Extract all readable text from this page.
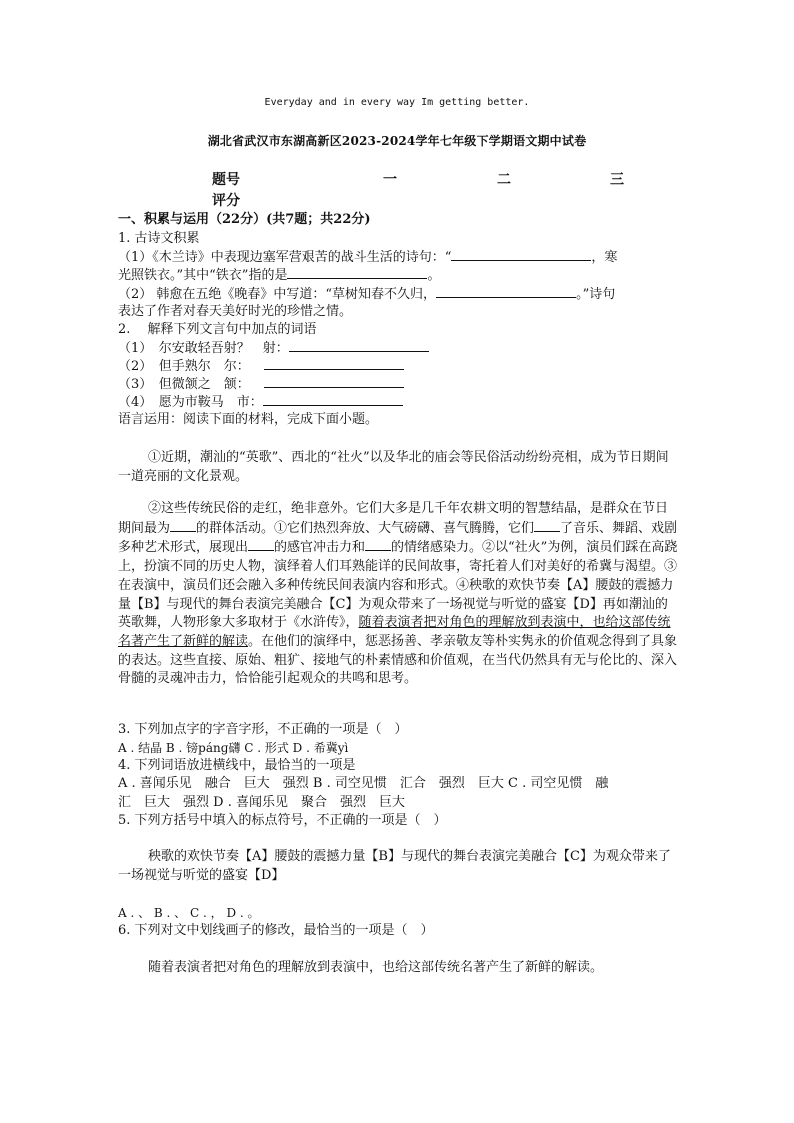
Everyday and in every way Im getting better.
湖北省武汉市东湖高新区2023-2024学年七年级下学期语文期中试卷
题号	一	二	三
评分
一、积累与运用（22分）(共7题；共22分)
1. 古诗文积累
（1）《木兰诗》中表现边塞军营艰苦的战斗生活的诗句：“	，寒
光照铁衣。”其中“铁衣”指的是	。
（2） 韩愈在五绝《晚春》中写道：“草树知春不久归，	。”诗句
表达了作者对春天美好时光的珍惜之情。
2.　 解释下列文言句中加点的词语
（1）　尔安敢轻吾射？　射：
（2）　但手熟尔　尔：
（3）　但微颔之　颔：
（4）　愿为市鞍马　市：
语言运用：阅读下面的材料，完成下面小题。
①近期，潮汕的“英歌”、西北的“社火”以及华北的庙会等民俗活动纷纷亮相，成为节日期间一道亮丽的文化景观。
②这些传统民俗的走红，绝非意外。它们大多是几千年农耕文明的智慧结晶，是群众在节日期间最为 的群体活动。①它们热烈奔放、大气磅礴、喜气腾腾，它们 了音乐、舞蹈、戏剧多种艺术形式，展现出 的感官冲击力和 的情绪感染力。②以“社火”为例，演员们踩在高跷上，扮演不同的历史人物，演绎着人们耳熟能详的民间故事，寄托着人们对美好的希冀与渴望。③在表演中，演员们还会融入多种传统民间表演内容和形式。④秧歌的欢快节奏【A】腰鼓的震撼力量【B】与现代的舞台表演完美融合【C】为观众带来了一场视觉与听觉的盛宴【D】再如潮汕的英歌舞，人物形象大多取材于《水浒传》，随着表演者把对角色的理解放到表演中，也给这部传统名著产生了新鲜的解读。在他们的演绎中，惩恶扬善、孝亲敬友等朴实隽永的价值观念得到了具象的表达。这些直接、原始、粗犷、接地气的朴素情感和价值观，在当代仍然具有无与伦比的、深入骨髓的灵魂冲击力，恰恰能引起观众的共鸣和思考。
3. 下列加点字的字音字形，不正确的一项是（　）
A . 结晶 B . 镑pánɡ礴 C . 形式 D . 希冀yì
4. 下列词语放进横线中，最恰当的一项是
A . 喜闻乐见　融合　巨大　强烈 B . 司空见惯　汇合　强烈　巨大 C . 司空见惯　融
汇　巨大　强烈 D . 喜闻乐见　聚合　强烈　巨大
5. 下列方括号中填入的标点符号，不正确的一项是（　）
秧歌的欢快节奏【A】腰鼓的震撼力量【B】与现代的舞台表演完美融合【C】为观众带来了一场视觉与听觉的盛宴【D】
A . 、 B . 、 C . ， D . 。
6. 下列对文中划线画子的修改，最恰当的一项是（　）
随着表演者把对角色的理解放到表演中，也给这部传统名著产生了新鲜的解读。
